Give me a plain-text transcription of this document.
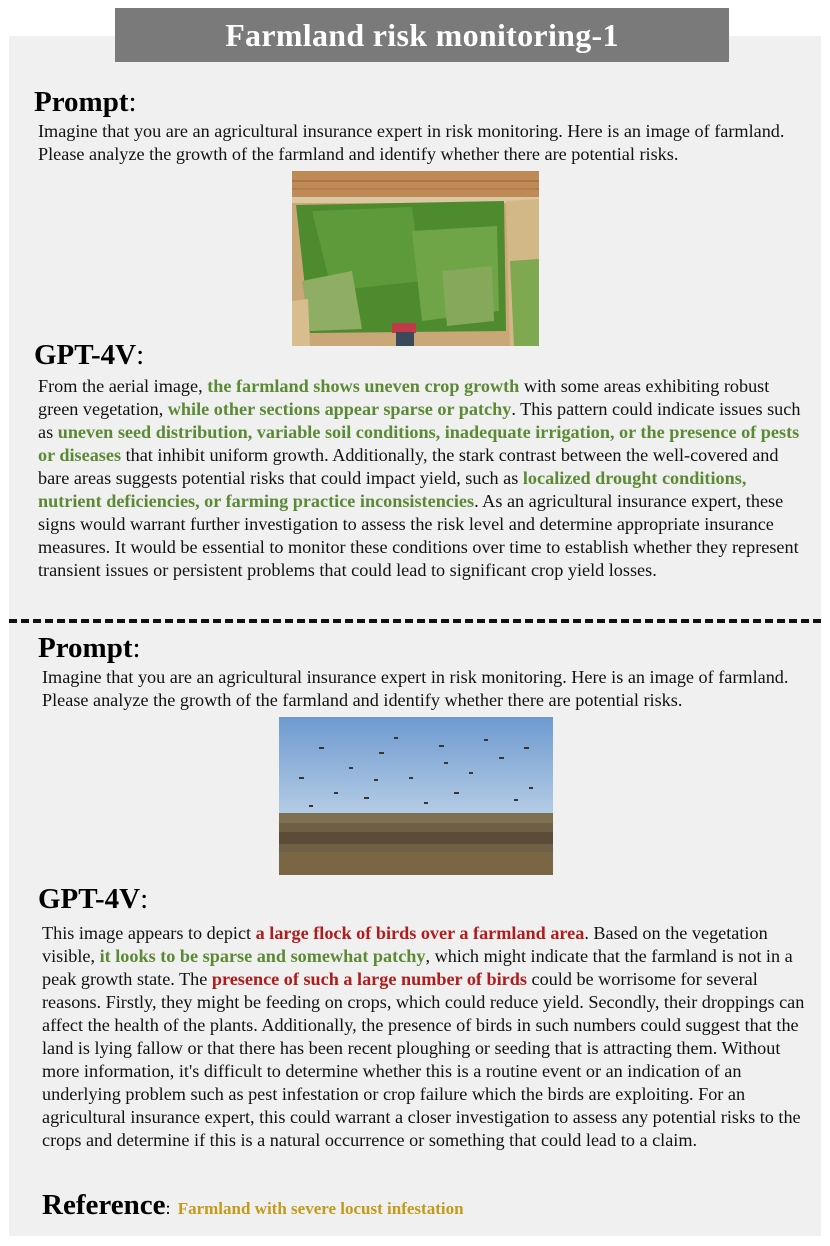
Farmland risk monitoring-1
Prompt:
Imagine that you are an agricultural insurance expert in risk monitoring. Here is an image of farmland. Please analyze the growth of the farmland and identify whether there are potential risks.
GPT-4V:
From the aerial image, the farmland shows uneven crop growth with some areas exhibiting robust green vegetation, while other sections appear sparse or patchy. This pattern could indicate issues such as uneven seed distribution, variable soil conditions, inadequate irrigation, or the presence of pests or diseases that inhibit uniform growth. Additionally, the stark contrast between the well-covered and bare areas suggests potential risks that could impact yield, such as localized drought conditions, nutrient deficiencies, or farming practice inconsistencies. As an agricultural insurance expert, these signs would warrant further investigation to assess the risk level and determine appropriate insurance measures. It would be essential to monitor these conditions over time to establish whether they represent transient issues or persistent problems that could lead to significant crop yield losses.
Prompt:
Imagine that you are an agricultural insurance expert in risk monitoring. Here is an image of farmland. Please analyze the growth of the farmland and identify whether there are potential risks.
GPT-4V:
This image appears to depict a large flock of birds over a farmland area. Based on the vegetation visible, it looks to be sparse and somewhat patchy, which might indicate that the farmland is not in a peak growth state. The presence of such a large number of birds could be worrisome for several reasons. Firstly, they might be feeding on crops, which could reduce yield. Secondly, their droppings can affect the health of the plants. Additionally, the presence of birds in such numbers could suggest that the land is lying fallow or that there has been recent ploughing or seeding that is attracting them. Without more information, it's difficult to determine whether this is a routine event or an indication of an underlying problem such as pest infestation or crop failure which the birds are exploiting. For an agricultural insurance expert, this could warrant a closer investigation to assess any potential risks to the crops and determine if this is a natural occurrence or something that could lead to a claim.
Reference: Farmland with severe locust infestation
